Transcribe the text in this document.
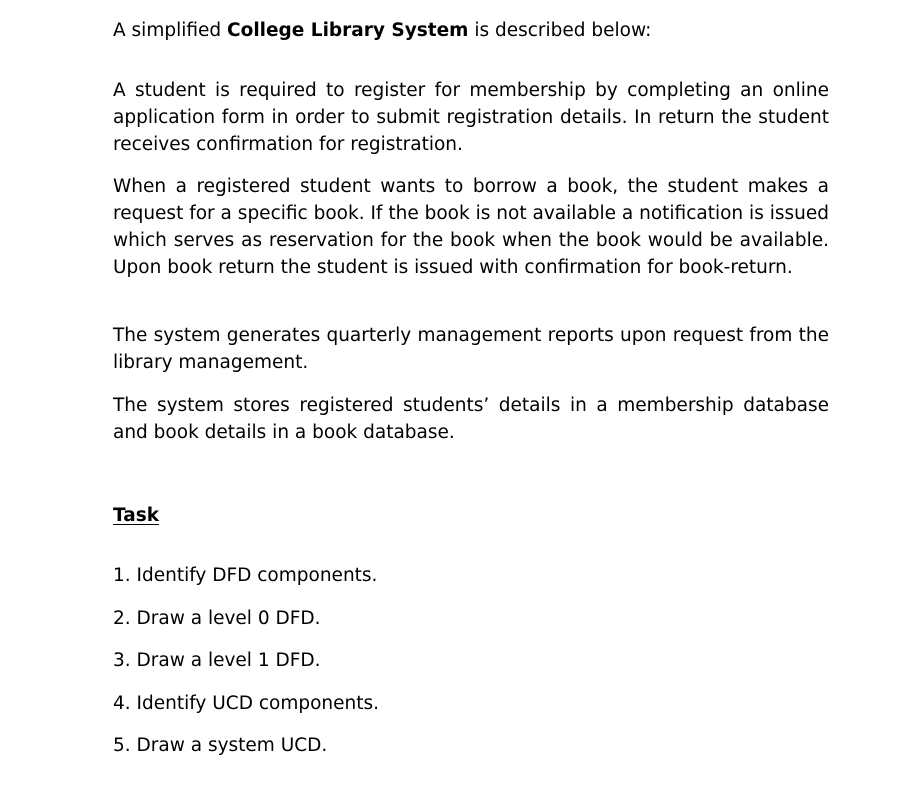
A simplified College Library System is described below:

A student is required to register for membership by completing an online application form in order to submit registration details. In return the student receives confirmation for registration.

When a registered student wants to borrow a book, the student makes a request for a specific book. If the book is not available a notification is issued which serves as reservation for the book when the book would be available. Upon book return the student is issued with confirmation for book-return.

The system generates quarterly management reports upon request from the library management.

The system stores registered students’ details in a membership database and book details in a book database.

Task
1. Identify DFD components.
2. Draw a level 0 DFD.
3. Draw a level 1 DFD.
4. Identify UCD components.
5. Draw a system UCD.
